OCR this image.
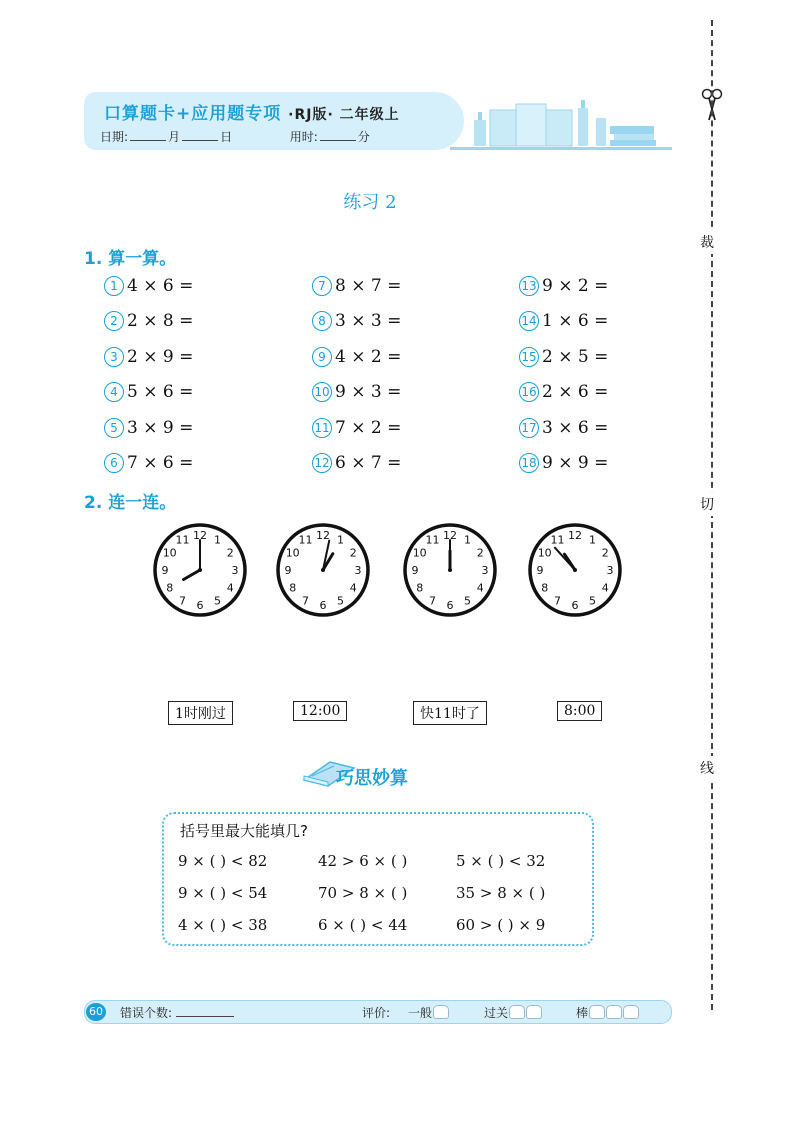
口算题卡+应用题专项 ·RJ版· 二年级上
日期:	月	日	用时:	分
裁
切
线
练习 2
1. 算一算。
1 4 × 6 =
2 2 × 8 =
3 2 × 9 =
4 5 × 6 =
5 3 × 9 =
6 7 × 6 =
7 8 × 7 =
8 3 × 3 =
9 4 × 2 =
10 9 × 3 =
11 7 × 2 =
12 6 × 7 =
13 9 × 2 =
14 1 × 6 =
15 2 × 5 =
16 2 × 6 =
17 3 × 6 =
18 9 × 9 =
2. 连一连。
12 1
2
3
4
5
6
7
8
9
10
11	12 1
2
3
4
5
6
7
8
9
10
11	12 1
2
3
4
5
6
7
8
9
10
11	12 1
2
3
4
5
6
7
8
9
10
11
1时刚过	12:00	快11时了	8:00
巧思妙算
括号里最大能填几?
9 × ( ) < 82	42 > 6 × ( )	5 × ( ) < 32
9 × ( ) < 54	70 > 8 × ( )	35 > 8 × ( )
4 × ( ) < 38	6 × ( ) < 44	60 > ( ) × 9
60 错误个数:	评价: 一般	过关	棒
